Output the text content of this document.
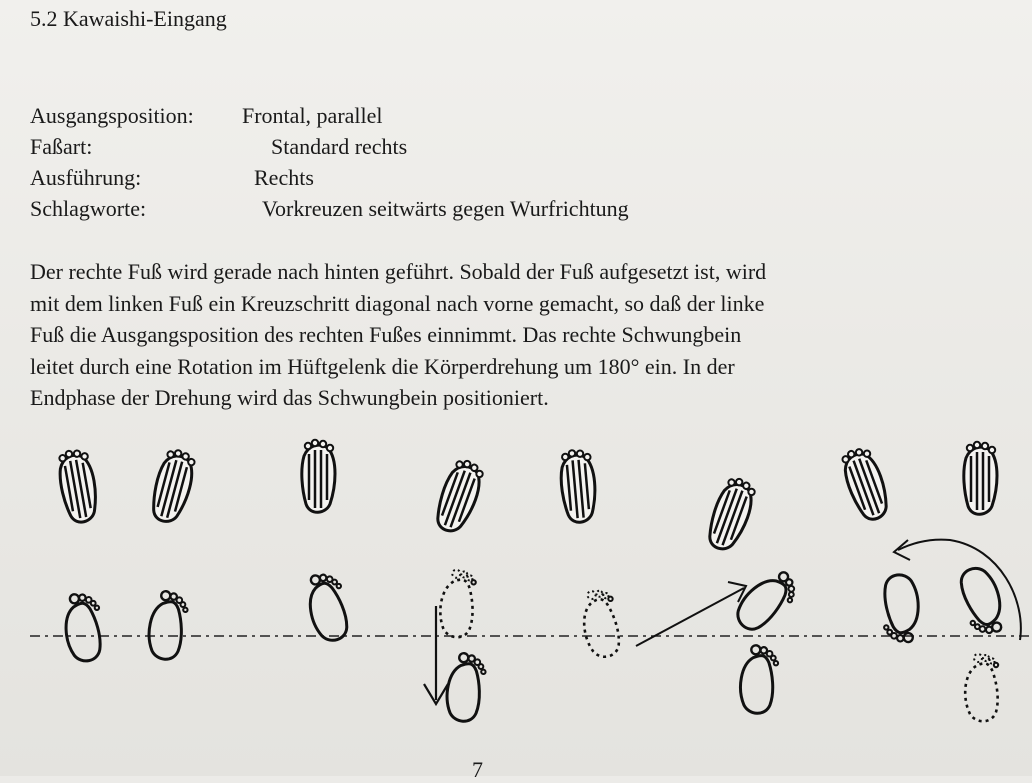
5.2 Kawaishi-Eingang
Ausgangsposition: Frontal, parallel
Faßart:	Standard rechts
Ausführung:	Rechts
Schlagworte:	Vorkreuzen seitwärts gegen Wurfrichtung
Der rechte Fuß wird gerade nach hinten geführt. Sobald der Fuß aufgesetzt ist, wird
mit dem linken Fuß ein Kreuzschritt diagonal nach vorne gemacht, so daß der linke
Fuß die Ausgangsposition des rechten Fußes einnimmt. Das rechte Schwungbein
leitet durch eine Rotation im Hüftgelenk die Körperdrehung um 180° ein. In der
Endphase der Drehung wird das Schwungbein positioniert.
7
